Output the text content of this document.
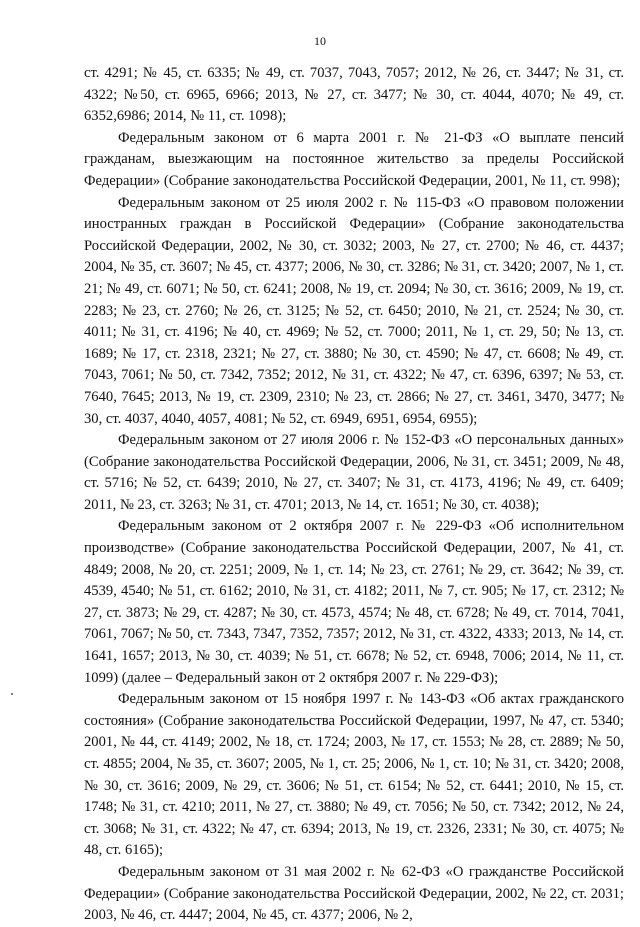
10

ст. 4291; № 45, ст. 6335; № 49, ст. 7037, 7043, 7057; 2012, № 26, ст. 3447; № 31, ст. 4322; №50, ст. 6965, 6966; 2013, № 27, ст. 3477; № 30, ст. 4044, 4070; № 49, ст. 6352,6986; 2014, № 11, ст. 1098);

Федеральным законом от 6 марта 2001 г. № 21-ФЗ «О выплате пенсий гражданам, выезжающим на постоянное жительство за пределы Российской Федерации» (Собрание законодательства Российской Федерации, 2001, № 11, ст. 998);

Федеральным законом от 25 июля 2002 г. № 115-ФЗ «О правовом положении иностранных граждан в Российской Федерации» (Собрание законодательства Российской Федерации, 2002, № 30, ст. 3032; 2003, № 27, ст. 2700; № 46, ст. 4437; 2004, № 35, ст. 3607; № 45, ст. 4377; 2006, № 30, ст. 3286; № 31, ст. 3420; 2007, № 1, ст. 21; № 49, ст. 6071; № 50, ст. 6241; 2008, № 19, ст. 2094; № 30, ст. 3616; 2009, № 19, ст. 2283; № 23, ст. 2760; № 26, ст. 3125; № 52, ст. 6450; 2010, № 21, ст. 2524; № 30, ст. 4011; № 31, ст. 4196; № 40, ст. 4969; № 52, ст. 7000; 2011, № 1, ст. 29, 50; № 13, ст. 1689; № 17, ст. 2318, 2321; № 27, ст. 3880; № 30, ст. 4590; № 47, ст. 6608; № 49, ст. 7043, 7061; № 50, ст. 7342, 7352; 2012, № 31, ст. 4322; № 47, ст. 6396, 6397; № 53, ст. 7640, 7645; 2013, № 19, ст. 2309, 2310; № 23, ст. 2866; № 27, ст. 3461, 3470, 3477; № 30, ст. 4037, 4040, 4057, 4081; № 52, ст. 6949, 6951, 6954, 6955);

Федеральным законом от 27 июля 2006 г. № 152-ФЗ «О персональных данных» (Собрание законодательства Российской Федерации, 2006, № 31, ст. 3451; 2009, № 48, ст. 5716; № 52, ст. 6439; 2010, № 27, ст. 3407; № 31, ст. 4173, 4196; № 49, ст. 6409; 2011, № 23, ст. 3263; № 31, ст. 4701; 2013, № 14, ст. 1651; № 30, ст. 4038);

Федеральным законом от 2 октября 2007 г. № 229-ФЗ «Об исполнительном производстве» (Собрание законодательства Российской Федерации, 2007, № 41, ст. 4849; 2008, № 20, ст. 2251; 2009, № 1, ст. 14; № 23, ст. 2761; № 29, ст. 3642; № 39, ст. 4539, 4540; № 51, ст. 6162; 2010, № 31, ст. 4182; 2011, № 7, ст. 905; № 17, ст. 2312; № 27, ст. 3873; № 29, ст. 4287; № 30, ст. 4573, 4574; № 48, ст. 6728; № 49, ст. 7014, 7041, 7061, 7067; № 50, ст. 7343, 7347, 7352, 7357; 2012, № 31, ст. 4322, 4333; 2013, № 14, ст. 1641, 1657; 2013, № 30, ст. 4039; № 51, ст. 6678; № 52, ст. 6948, 7006; 2014, № 11, ст. 1099) (далее – Федеральный закон от 2 октября 2007 г. № 229-ФЗ);

Федеральным законом от 15 ноября 1997 г. № 143-ФЗ «Об актах гражданского состояния» (Собрание законодательства Российской Федерации, 1997, № 47, ст. 5340; 2001, № 44, ст. 4149; 2002, № 18, ст. 1724; 2003, № 17, ст. 1553; № 28, ст. 2889; № 50, ст. 4855; 2004, № 35, ст. 3607; 2005, № 1, ст. 25; 2006, № 1, ст. 10; № 31, ст. 3420; 2008, № 30, ст. 3616; 2009, № 29, ст. 3606; № 51, ст. 6154; № 52, ст. 6441; 2010, № 15, ст. 1748; № 31, ст. 4210; 2011, № 27, ст. 3880; № 49, ст. 7056; № 50, ст. 7342; 2012, № 24, ст. 3068; № 31, ст. 4322; № 47, ст. 6394; 2013, № 19, ст. 2326, 2331; № 30, ст. 4075; № 48, ст. 6165);

Федеральным законом от 31 мая 2002 г. № 62-ФЗ «О гражданстве Российской Федерации» (Собрание законодательства Российской Федерации, 2002, № 22, ст. 2031; 2003, № 46, ст. 4447; 2004, № 45, ст. 4377; 2006, № 2,
